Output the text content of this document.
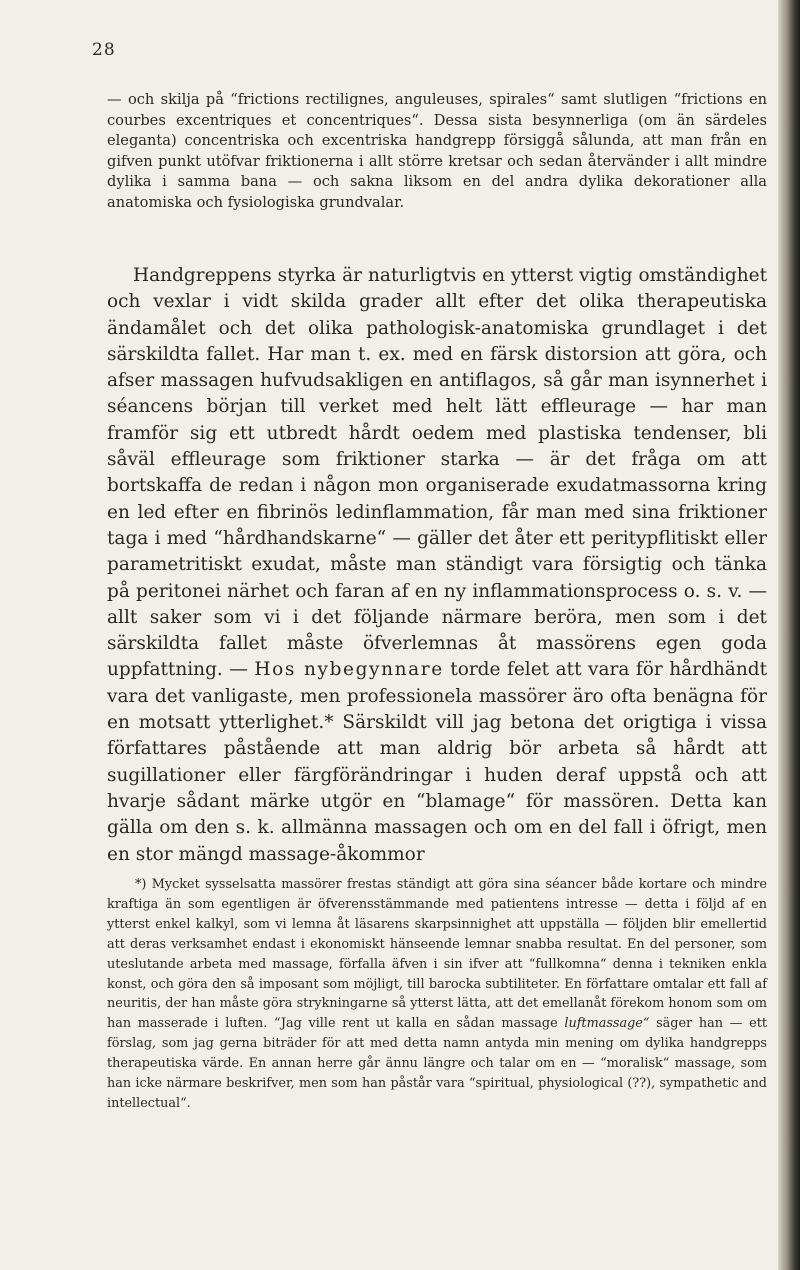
28
— och skilja på “frictions rectilignes, anguleuses, spirales“ samt slutligen “frictions en courbes excentriques et concentriques“. Dessa sista besynnerliga (om än särdeles eleganta) concentriska och excentriska handgrepp försiggå sålunda, att man från en gifven punkt utöfvar friktionerna i allt större kretsar och sedan återvänder i allt mindre dylika i samma bana — och sakna liksom en del andra dylika dekorationer alla anatomiska och fysiologiska grundvalar.

Handgreppens styrka är naturligtvis en ytterst vigtig omständighet och vexlar i vidt skilda grader allt efter det olika therapeutiska ändamålet och det olika pathologisk-anatomiska grundlaget i det särskildta fallet. Har man t. ex. med en färsk distorsion att göra, och afser massagen hufvudsakligen en antiflagos, så går man isynnerhet i séancens början till verket med helt lätt effleurage — har man framför sig ett utbredt hårdt oedem med plastiska tendenser, bli såväl effleurage som friktioner starka — är det fråga om att bortskaffa de redan i någon mon organiserade exudatmassorna kring en led efter en fibrinös ledinflammation, får man med sina friktioner taga i med “hårdhandskarne“ — gäller det åter ett peritypflitiskt eller parametritiskt exudat, måste man ständigt vara försigtig och tänka på peritonei närhet och faran af en ny inflammationsprocess o. s. v. — allt saker som vi i det följande närmare beröra, men som i det särskildta fallet måste öfverlemnas åt massörens egen goda uppfattning. — Hos nybegynnare torde felet att vara för hårdhändt vara det vanligaste, men professionela massörer äro ofta benägna för en motsatt ytterlighet.* Särskildt vill jag betona det origtiga i vissa författares påstående att man aldrig bör arbeta så hårdt att sugillationer eller färgförändringar i huden deraf uppstå och att hvarje sådant märke utgör en “blamage“ för massören. Detta kan gälla om den s. k. allmänna massagen och om en del fall i öfrigt, men en stor mängd massage-åkommor

*) Mycket sysselsatta massörer frestas ständigt att göra sina séancer både kortare och mindre kraftiga än som egentligen är öfverensstämmande med patientens intresse — detta i följd af en ytterst enkel kalkyl, som vi lemna åt läsarens skarpsinnighet att uppställa — följden blir emellertid att deras verksamhet endast i ekonomiskt hänseende lemnar snabba resultat. En del personer, som uteslutande arbeta med massage, förfalla äfven i sin ifver att “fullkomna“ denna i tekniken enkla konst, och göra den så imposant som möjligt, till barocka subtiliteter. En författare omtalar ett fall af neuritis, der han måste göra strykningarne så ytterst lätta, att det emellanåt förekom honom som om han masserade i luften. “Jag ville rent ut kalla en sådan massage luftmassage“ säger han — ett förslag, som jag gerna biträder för att med detta namn antyda min mening om dylika handgrepps therapeutiska värde. En annan herre går ännu längre och talar om en — “moralisk“ massage, som han icke närmare beskrifver, men som han påstår vara “spiritual, physiological (??), sympathetic and intellectual“.
